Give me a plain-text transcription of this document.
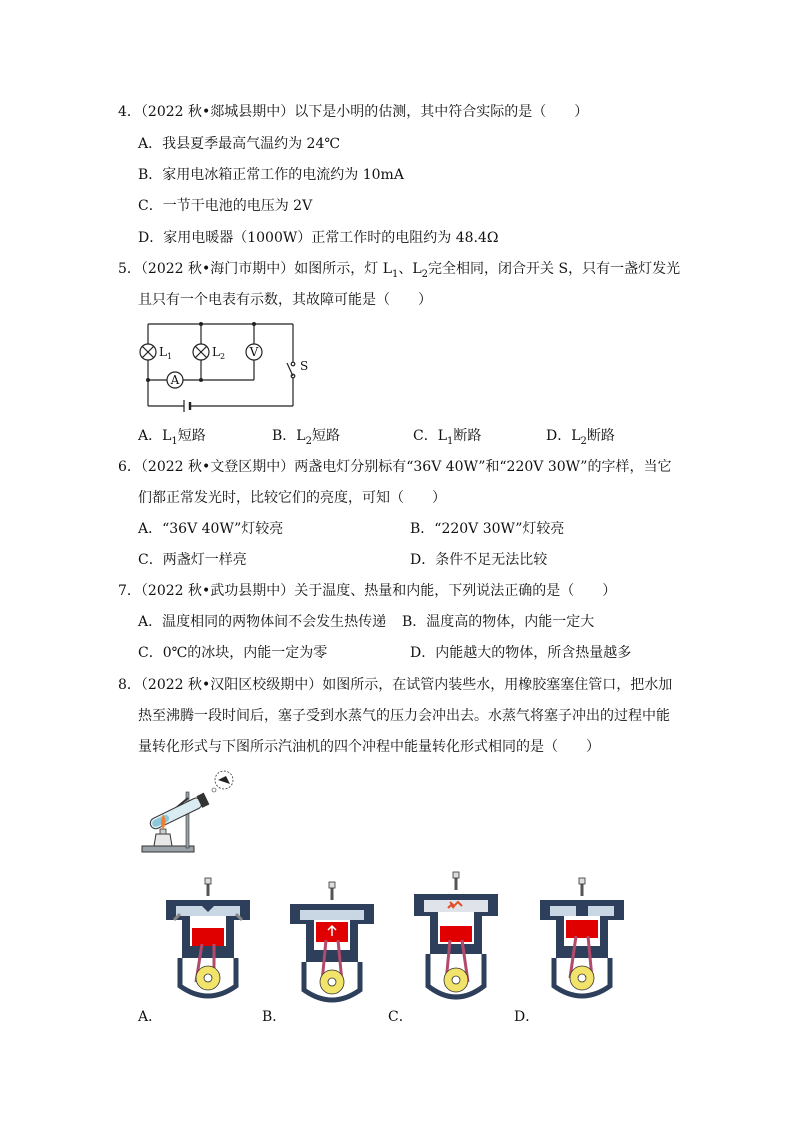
4．（2022 秋•郯城县期中）以下是小明的估测，其中符合实际的是（　　）
A．我县夏季最高气温约为 24℃
B．家用电冰箱正常工作的电流约为 10mA
C．一节干电池的电压为 2V
D．家用电暖器（1000W）正常工作时的电阻约为 48.4Ω
5．（2022 秋•海门市期中）如图所示，灯 $L_1$、$L_2$完全相同，闭合开关 S，只有一盏灯发光
且只有一个电表有示数，其故障可能是（　　）
$L_1$	$L_2$ V
A
S
A．$L_1$短路	B．$L_2$短路	C．$L_1$断路	D．$L_2$断路
6．（2022 秋•文登区期中）两盏电灯分别标有“36V 40W”和“220V 30W”的字样，当它
们都正常发光时，比较它们的亮度，可知（　　）
A．“36V 40W”灯较亮	B．“220V 30W”灯较亮
C．两盏灯一样亮	D．条件不足无法比较
7．（2022 秋•武功县期中）关于温度、热量和内能，下列说法正确的是（　　）
A．温度相同的两物体间不会发生热传递 B．温度高的物体，内能一定大
C．0℃的冰块，内能一定为零	D．内能越大的物体，所含热量越多
8．（2022 秋•汉阳区校级期中）如图所示，在试管内装些水，用橡胶塞塞住管口，把水加
热至沸腾一段时间后，塞子受到水蒸气的压力会冲出去。水蒸气将塞子冲出的过程中能
量转化形式与下图所示汽油机的四个冲程中能量转化形式相同的是（　　）
A．	B．	C．	D．
